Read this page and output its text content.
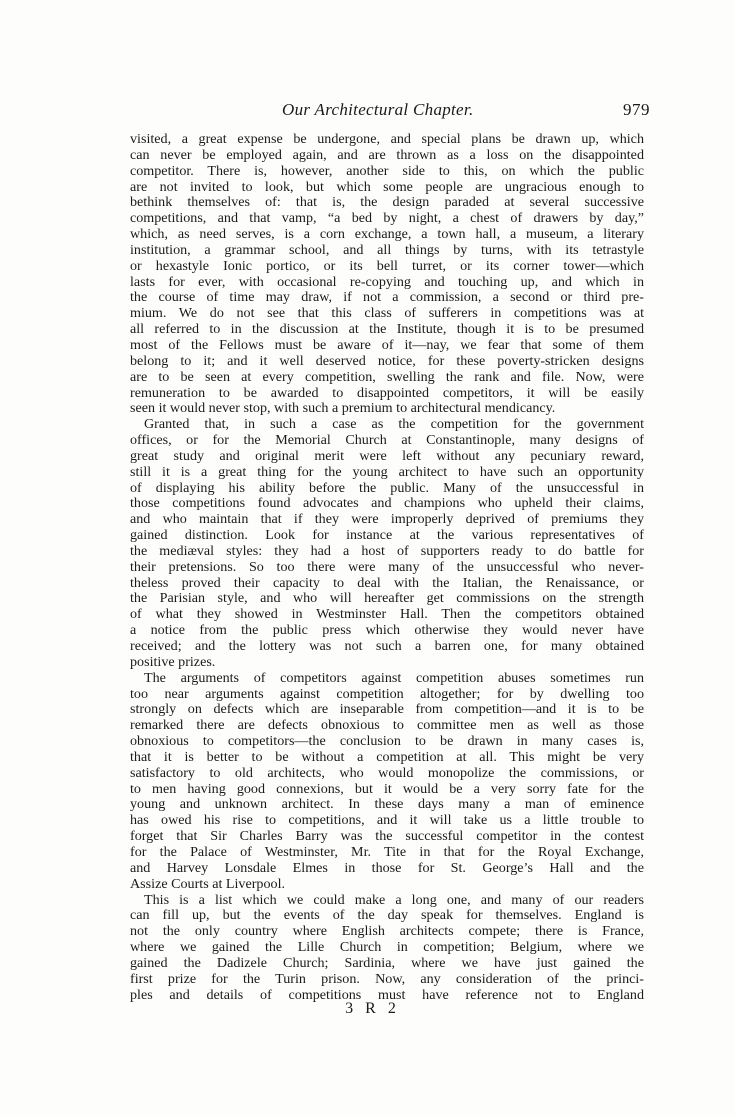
Our Architectural Chapter.	979
visited, a great expense be undergone, and special plans be drawn up, which
can never be employed again, and are thrown as a loss on the disappointed
competitor. There is, however, another side to this, on which the public
are not invited to look, but which some people are ungracious enough to
bethink themselves of: that is, the design paraded at several successive
competitions, and that vamp, “a bed by night, a chest of drawers by day,”
which, as need serves, is a corn exchange, a town hall, a museum, a literary
institution, a grammar school, and all things by turns, with its tetrastyle
or hexastyle Ionic portico, or its bell turret, or its corner tower—which
lasts for ever, with occasional re-copying and touching up, and which in
the course of time may draw, if not a commission, a second or third pre-
mium. We do not see that this class of sufferers in competitions was at
all referred to in the discussion at the Institute, though it is to be presumed
most of the Fellows must be aware of it—nay, we fear that some of them
belong to it; and it well deserved notice, for these poverty-stricken designs
are to be seen at every competition, swelling the rank and file. Now, were
remuneration to be awarded to disappointed competitors, it will be easily
seen it would never stop, with such a premium to architectural mendicancy.
Granted that, in such a case as the competition for the government
offices, or for the Memorial Church at Constantinople, many designs of
great study and original merit were left without any pecuniary reward,
still it is a great thing for the young architect to have such an opportunity
of displaying his ability before the public. Many of the unsuccessful in
those competitions found advocates and champions who upheld their claims,
and who maintain that if they were improperly deprived of premiums they
gained distinction. Look for instance at the various representatives of
the mediæval styles: they had a host of supporters ready to do battle for
their pretensions. So too there were many of the unsuccessful who never-
theless proved their capacity to deal with the Italian, the Renaissance, or
the Parisian style, and who will hereafter get commissions on the strength
of what they showed in Westminster Hall. Then the competitors obtained
a notice from the public press which otherwise they would never have
received; and the lottery was not such a barren one, for many obtained
positive prizes.
The arguments of competitors against competition abuses sometimes run
too near arguments against competition altogether; for by dwelling too
strongly on defects which are inseparable from competition—and it is to be
remarked there are defects obnoxious to committee men as well as those
obnoxious to competitors—the conclusion to be drawn in many cases is,
that it is better to be without a competition at all. This might be very
satisfactory to old architects, who would monopolize the commissions, or
to men having good connexions, but it would be a very sorry fate for the
young and unknown architect. In these days many a man of eminence
has owed his rise to competitions, and it will take us a little trouble to
forget that Sir Charles Barry was the successful competitor in the contest
for the Palace of Westminster, Mr. Tite in that for the Royal Exchange,
and Harvey Lonsdale Elmes in those for St. George’s Hall and the
Assize Courts at Liverpool.
This is a list which we could make a long one, and many of our readers
can fill up, but the events of the day speak for themselves. England is
not the only country where English architects compete; there is France,
where we gained the Lille Church in competition; Belgium, where we
gained the Dadizele Church; Sardinia, where we have just gained the
first prize for the Turin prison. Now, any consideration of the princi-
ples and details of competitions must have reference not to England
3 R 2
